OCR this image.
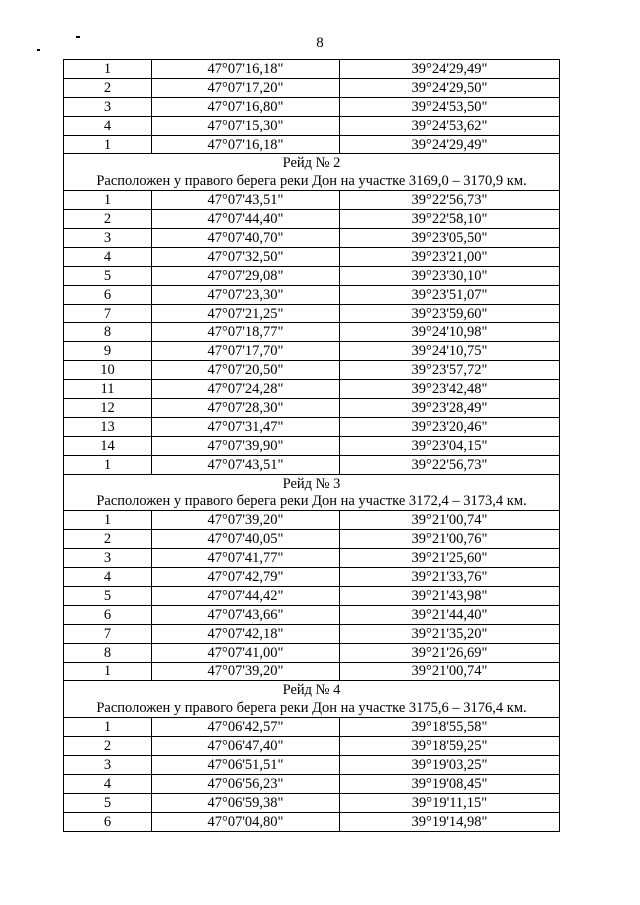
8
1	47°07'16,18"	39°24'29,49"
2	47°07'17,20"	39°24'29,50"
3	47°07'16,80"	39°24'53,50"
4	47°07'15,30"	39°24'53,62"
1	47°07'16,18"	39°24'29,49"
Рейд № 2		
Расположен у правого берега реки Дон на участке 3169,0 – 3170,9 км.		
1	47°07'43,51"	39°22'56,73"
2	47°07'44,40"	39°22'58,10"
3	47°07'40,70"	39°23'05,50"
4	47°07'32,50"	39°23'21,00"
5	47°07'29,08"	39°23'30,10"
6	47°07'23,30"	39°23'51,07"
7	47°07'21,25"	39°23'59,60"
8	47°07'18,77"	39°24'10,98"
9	47°07'17,70"	39°24'10,75"
10	47°07'20,50"	39°23'57,72"
11	47°07'24,28"	39°23'42,48"
12	47°07'28,30"	39°23'28,49"
13	47°07'31,47"	39°23'20,46"
14	47°07'39,90"	39°23'04,15"
1	47°07'43,51"	39°22'56,73"
Рейд № 3		
Расположен у правого берега реки Дон на участке 3172,4 – 3173,4 км.		
1	47°07'39,20"	39°21'00,74"
2	47°07'40,05"	39°21'00,76"
3	47°07'41,77"	39°21'25,60"
4	47°07'42,79"	39°21'33,76"
5	47°07'44,42"	39°21'43,98"
6	47°07'43,66"	39°21'44,40"
7	47°07'42,18"	39°21'35,20"
8	47°07'41,00"	39°21'26,69"
1	47°07'39,20"	39°21'00,74"
Рейд № 4		
Расположен у правого берега реки Дон на участке 3175,6 – 3176,4 км.		
1	47°06'42,57"	39°18'55,58"
2	47°06'47,40"	39°18'59,25"
3	47°06'51,51"	39°19'03,25"
4	47°06'56,23"	39°19'08,45"
5	47°06'59,38"	39°19'11,15"
6	47°07'04,80"	39°19'14,98"
